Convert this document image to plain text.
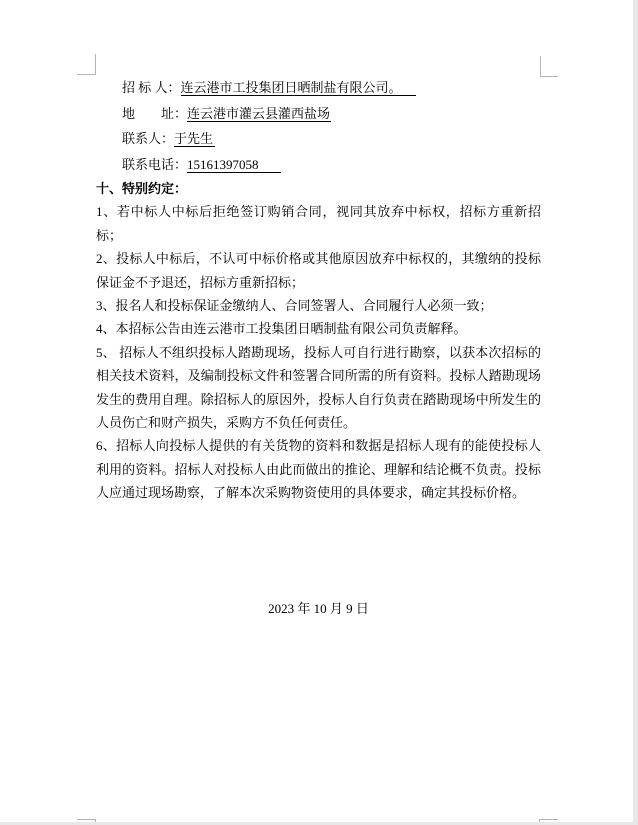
招 标 人：连云港市工投集团日晒制盐有限公司。
地　　址：连云港市灌云县灌西盐场
联系人：于先生
联系电话：15161397058
十、特别约定：

1、若中标人中标后拒绝签订购销合同，视同其放弃中标权，招标方重新招标；

2、投标人中标后，不认可中标价格或其他原因放弃中标权的，其缴纳的投标保证金不予退还，招标方重新招标；

3、报名人和投标保证金缴纳人、合同签署人、合同履行人必须一致；

4、本招标公告由连云港市工投集团日晒制盐有限公司负责解释。

5、 招标人不组织投标人踏勘现场，投标人可自行进行勘察，以获本次招标的相关技术资料，及编制投标文件和签署合同所需的所有资料。投标人踏勘现场发生的费用自理。除招标人的原因外，投标人自行负责在踏勘现场中所发生的人员伤亡和财产损失，采购方不负任何责任。

6、招标人向投标人提供的有关货物的资料和数据是招标人现有的能使投标人利用的资料。招标人对投标人由此而做出的推论、理解和结论概不负责。投标人应通过现场勘察，了解本次采购物资使用的具体要求，确定其投标价格。

2023 年 10 月 9 日
